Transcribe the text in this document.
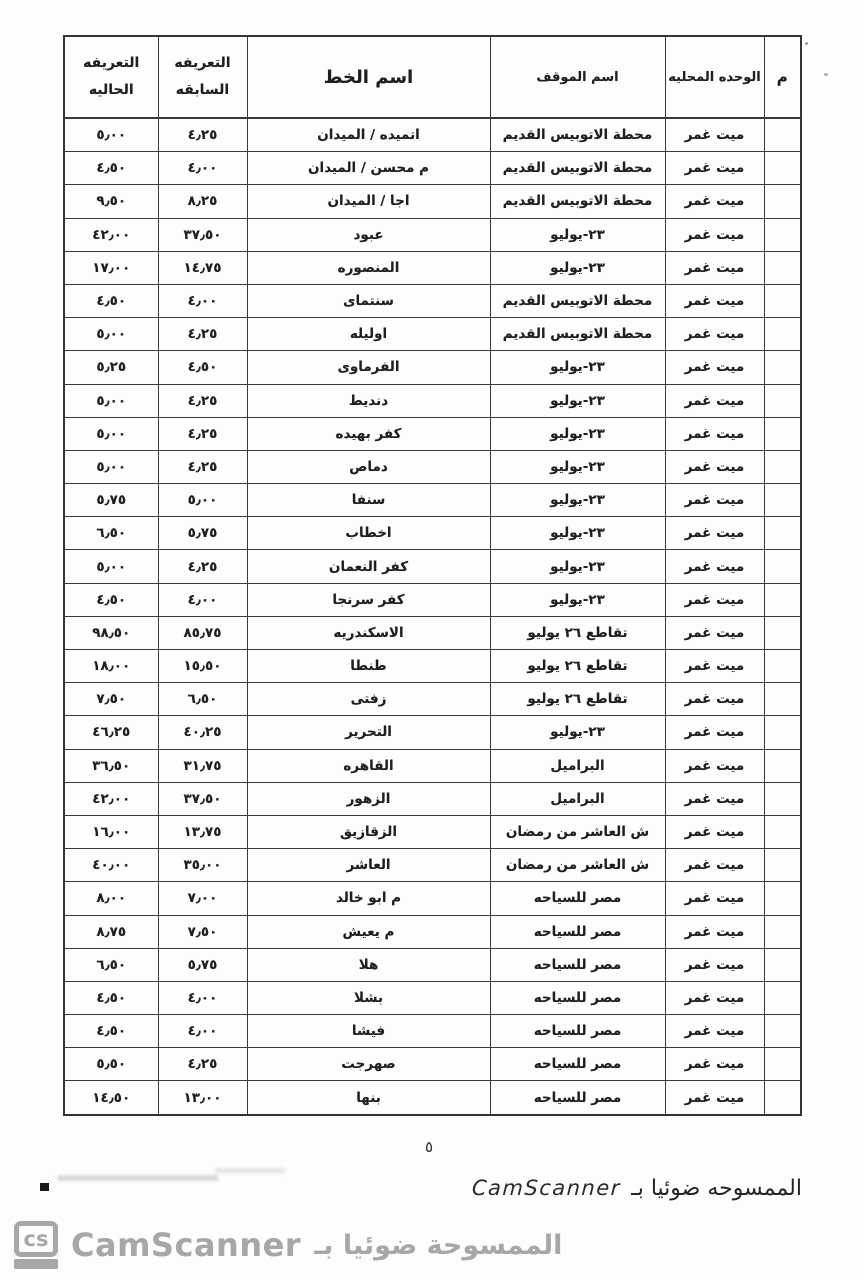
م	الوحده المحليه	اسم الموقف	اسم الخط	التعريفه السابقه	التعريفه الحاليه
	ميت غمر	محطة الاتوبيس القديم	اتميده / الميدان	٤٫٢٥	٥٫٠٠
	ميت غمر	محطة الاتوبيس القديم	م محسن / الميدان	٤٫٠٠	٤٫٥٠
	ميت غمر	محطة الاتوبيس القديم	اجا / الميدان	٨٫٢٥	٩٫٥٠
	ميت غمر	٢٣-يوليو	عبود	٣٧٫٥٠	٤٢٫٠٠
	ميت غمر	٢٣-يوليو	المنصوره	١٤٫٧٥	١٧٫٠٠
	ميت غمر	محطة الاتوبيس القديم	سنتماى	٤٫٠٠	٤٫٥٠
	ميت غمر	محطة الاتوبيس القديم	اوليله	٤٫٢٥	٥٫٠٠
	ميت غمر	٢٣-يوليو	الفرماوى	٤٫٥٠	٥٫٢٥
	ميت غمر	٢٣-يوليو	دنديط	٤٫٢٥	٥٫٠٠
	ميت غمر	٢٣-يوليو	كفر بهيده	٤٫٢٥	٥٫٠٠
	ميت غمر	٢٣-يوليو	دماص	٤٫٢٥	٥٫٠٠
	ميت غمر	٢٣-يوليو	سنفا	٥٫٠٠	٥٫٧٥
	ميت غمر	٢٣-يوليو	اخطاب	٥٫٧٥	٦٫٥٠
	ميت غمر	٢٣-يوليو	كفر النعمان	٤٫٢٥	٥٫٠٠
	ميت غمر	٢٣-يوليو	كفر سرنجا	٤٫٠٠	٤٫٥٠
	ميت غمر	تقاطع ٢٦ يوليو	الاسكندريه	٨٥٫٧٥	٩٨٫٥٠
	ميت غمر	تقاطع ٢٦ يوليو	طنطا	١٥٫٥٠	١٨٫٠٠
	ميت غمر	تقاطع ٢٦ يوليو	زفتى	٦٫٥٠	٧٫٥٠
	ميت غمر	٢٣-يوليو	التحرير	٤٠٫٢٥	٤٦٫٢٥
	ميت غمر	البراميل	القاهره	٣١٫٧٥	٣٦٫٥٠
	ميت غمر	البراميل	الزهور	٣٧٫٥٠	٤٢٫٠٠
	ميت غمر	ش العاشر من رمضان	الزقازيق	١٣٫٧٥	١٦٫٠٠
	ميت غمر	ش العاشر من رمضان	العاشر	٣٥٫٠٠	٤٠٫٠٠
	ميت غمر	مصر للسياحه	م ابو خالد	٧٫٠٠	٨٫٠٠
	ميت غمر	مصر للسياحه	م يعيش	٧٫٥٠	٨٫٧٥
	ميت غمر	مصر للسياحه	هلا	٥٫٧٥	٦٫٥٠
	ميت غمر	مصر للسياحه	بشلا	٤٫٠٠	٤٫٥٠
	ميت غمر	مصر للسياحه	فيشا	٤٫٠٠	٤٫٥٠
	ميت غمر	مصر للسياحه	صهرجت	٤٫٢٥	٥٫٥٠
	ميت غمر	مصر للسياحه	بنها	١٣٫٠٠	١٤٫٥٠
٥
الممسوحه ضوئيا بـ
CamScanner
cs CamScanner الممسوحة ضوئيا بـ
